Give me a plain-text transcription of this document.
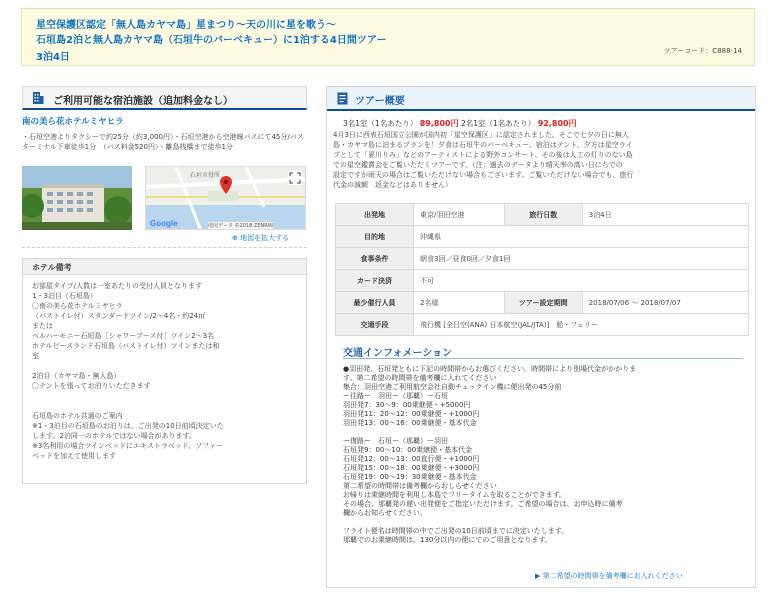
星空保護区認定「無人島カヤマ島」星まつり～天の川に星を歌う～
石垣島2泊と無人島カヤマ島（石垣牛のバーベキュー）に1泊する4日間ツアー
3泊4日
ツアーコード：C888-14
ご利用可能な宿泊施設（追加料金なし）
南の美ら花ホテルミヤヒラ
・石垣空港よりタクシーで約25分（約3,000円）・石垣空港から空港線バスにて45分/バスターミナル下車徒歩1分　（バス料金520円）・離島桟橋まで徒歩1分
石垣市役所
Google	地図データ ©2018 ZENRIN
⊕ 地図を拡大する
ホテル備考
お部屋タイプ/人数は一室あたりの受付人員となります
1・3泊目（石垣島）
〇南の美ら花ホテルミヤヒラ
（バストイレ付）スタンダードツイン/2～4名・約24㎡
または
ベルハーモニー石垣島［シャワーブース付］ツイン2～3名
ホテルピースランド石垣島（バストイレ付）ツインまたは和
室
2泊目（カヤマ島・無人島）
〇テントを張ってお泊りいただきます
石垣島のホテル共通のご案内
※1・3泊目の石垣島のお泊りは、ご出発の10日前頃決定いた
します。2泊同一のホテルではない場合があります。
※3名利用の場合ツインベッドにエキストラベッド、ソファー
ベッドを加えて使用します
ツアー概要
3名1室（1名あたり） 89,800円 2名1室（1名あたり） 92,800円
4月3日に西表石垣国立公園が国内初「星空保護区」に認定されました。そこで七夕の日に無人
島・カヤマ島に泊まるプランを！夕食は石垣牛のバーベキュー、宿泊はテント、夕方は星空ライ
ブとして「夏川りみ」などのアーティストによる野外コンサート、その後は人工の灯りのない島
での星空鑑賞会をご覧いただくツアーです。（注：過去のデータより晴天率の高い日にちでの
設定ですが雨天の場合はご覧いただけない場合もございます。ご覧いただけない場合でも、旅行
代金の減額　返金などはありません）
出発地	東京/羽田空港	旅行日数	3泊4日
目的地	沖縄県		
食事条件	朝食3回／昼食0回／夕食1回		
カード決済	不可		
最少催行人員	2名様	ツアー設定期間	2018/07/06 ～ 2018/07/07
交通手段	飛行機 [全日空(ANA) 日本航空(JAL/JTA)]　船・フェリー		
交通インフォメーション
●羽田発、石垣発ともに下記の時間帯からお選びください。時間帯により別場代金がかかりま
す。第二希望の時間帯を備考欄に入れてください
集合：羽田空港ご利用航空会社自動チェックイン機に便出発の45分前
ー往路ー　羽田ー（那覇）ー石垣
羽田発7：30～9：00乗継便・+5000円
羽田発11：20～12：00乗継便・+1000円
羽田発13：00～16：00乗継便・基本代金
ー復路ー　石垣ー（那覇）ー羽田
石垣発9：00～10：00乗継便・基本代金
石垣発12：00～13：00直行便・+1000円
石垣発15：00～18：00乗継便・+3000円
石垣発19：00～19：30乗継便・基本代金
第二希望の時間帯は備考欄からおしらせください
お帰りは乗継時間を利用し本島でフリータイムを取ることができます。
その場合、那覇発の遅い出発便をご指定いただけます。ご希望の場合は、お申込時に備考
欄からお知らせください。
フライト便名は時間帯の中でご出発の10日前頃までに決定いたします。
那覇でのお乗継時間は、130分以内の便にてのご用意となります。
▶ 第二希望の時間帯を備考欄にお入れください
